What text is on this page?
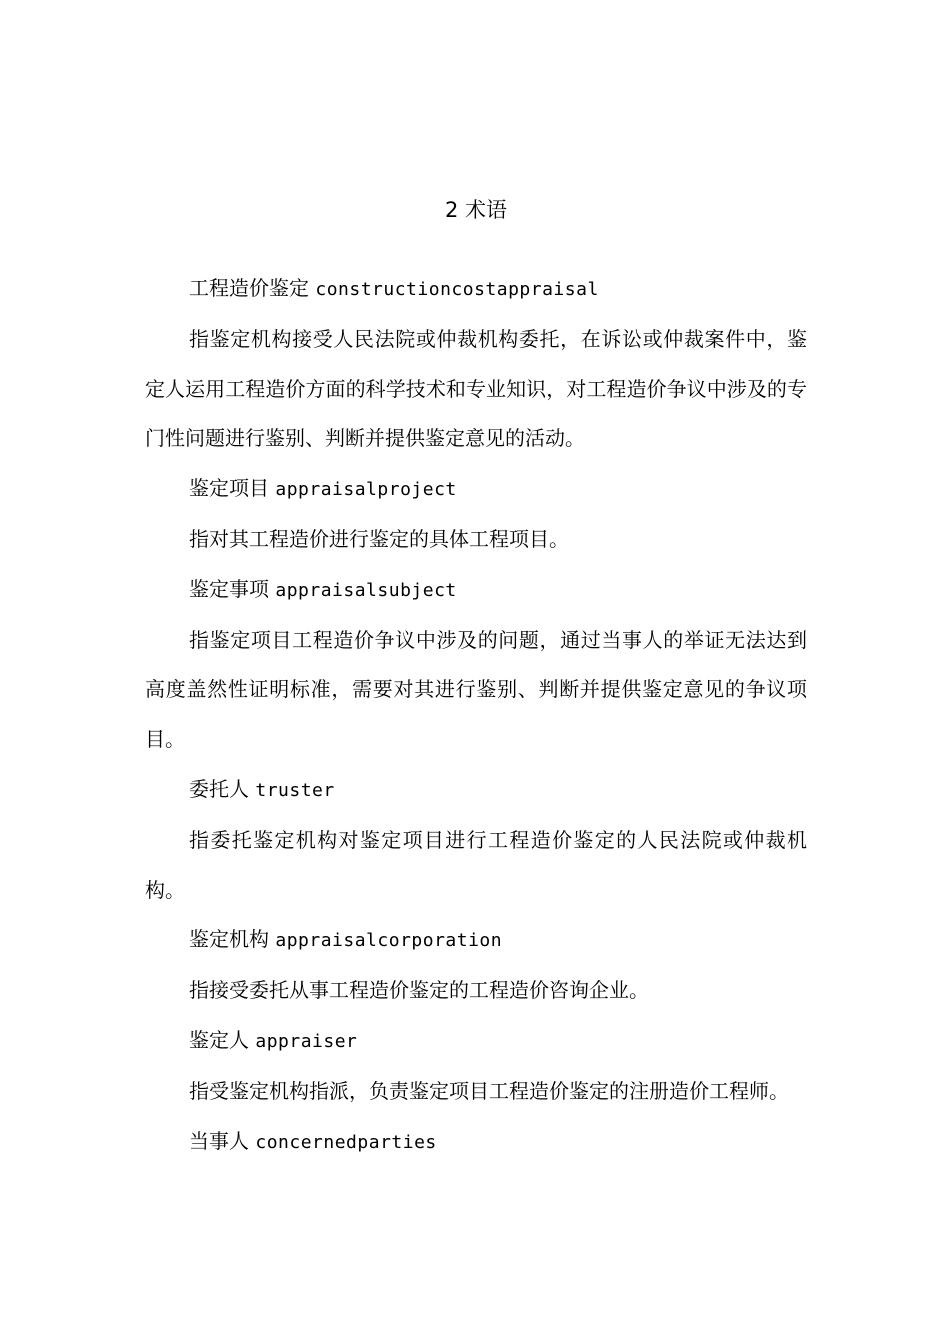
2 术语

工程造价鉴定 constructioncostappraisal

指鉴定机构接受人民法院或仲裁机构委托，在诉讼或仲裁案件中，鉴定人运用工程造价方面的科学技术和专业知识，对工程造价争议中涉及的专门性问题进行鉴别、判断并提供鉴定意见的活动。

鉴定项目 appraisalproject

指对其工程造价进行鉴定的具体工程项目。

鉴定事项 appraisalsubject

指鉴定项目工程造价争议中涉及的问题，通过当事人的举证无法达到高度盖然性证明标准，需要对其进行鉴别、判断并提供鉴定意见的争议项目。

委托人 truster

指委托鉴定机构对鉴定项目进行工程造价鉴定的人民法院或仲裁机构。

鉴定机构 appraisalcorporation

指接受委托从事工程造价鉴定的工程造价咨询企业。

鉴定人 appraiser

指受鉴定机构指派，负责鉴定项目工程造价鉴定的注册造价工程师。

当事人 concernedparties
